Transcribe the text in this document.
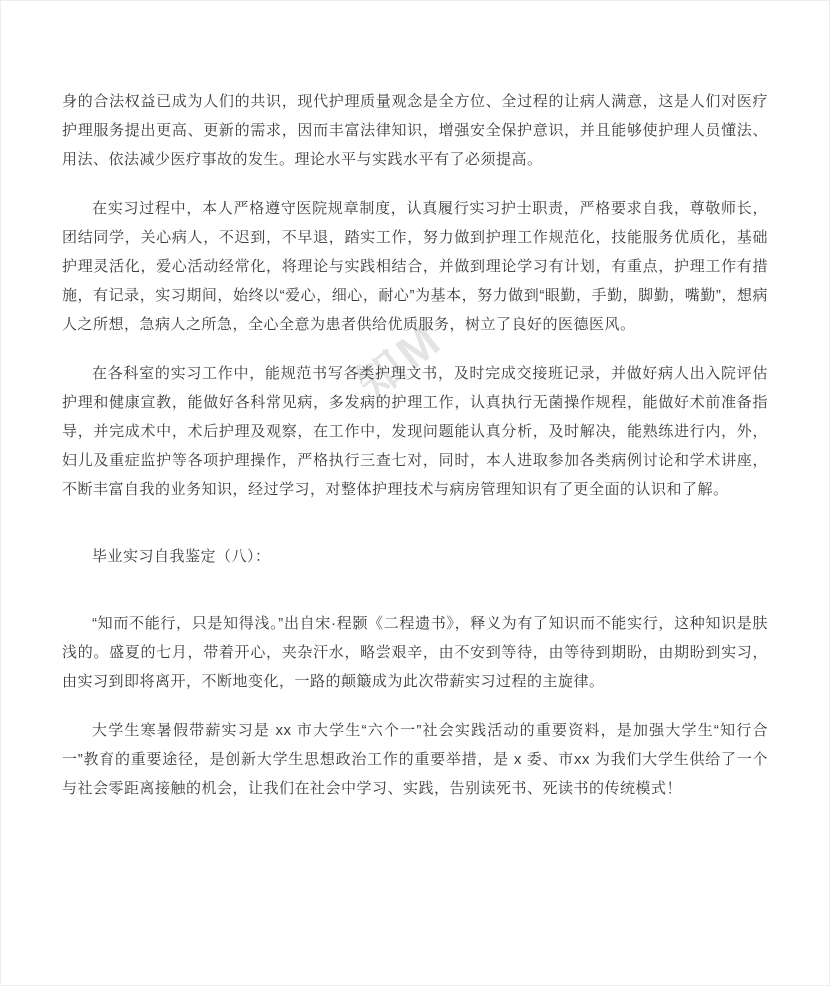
知M

身的合法权益已成为人们的共识，现代护理质量观念是全方位、全过程的让病人满意，这是人们对医疗护理服务提出更高、更新的需求，因而丰富法律知识，增强安全保护意识，并且能够使护理人员懂法、用法、依法减少医疗事故的发生。理论水平与实践水平有了必须提高。

在实习过程中，本人严格遵守医院规章制度，认真履行实习护士职责，严格要求自我，尊敬师长，团结同学，关心病人，不迟到，不早退，踏实工作，努力做到护理工作规范化，技能服务优质化，基础护理灵活化，爱心活动经常化，将理论与实践相结合，并做到理论学习有计划，有重点，护理工作有措施，有记录，实习期间，始终以“爱心，细心，耐心”为基本，努力做到“眼勤，手勤，脚勤，嘴勤”，想病人之所想，急病人之所急，全心全意为患者供给优质服务，树立了良好的医德医风。

在各科室的实习工作中，能规范书写各类护理文书，及时完成交接班记录，并做好病人出入院评估护理和健康宣教，能做好各科常见病，多发病的护理工作，认真执行无菌操作规程，能做好术前准备指导，并完成术中，术后护理及观察，在工作中，发现问题能认真分析，及时解决，能熟练进行内，外，妇儿及重症监护等各项护理操作，严格执行三查七对，同时，本人进取参加各类病例讨论和学术讲座，不断丰富自我的业务知识，经过学习，对整体护理技术与病房管理知识有了更全面的认识和了解。

毕业实习自我鉴定（八）：

“知而不能行，只是知得浅。”出自宋·程颢《二程遗书》，释义为有了知识而不能实行，这种知识是肤浅的。盛夏的七月，带着开心，夹杂汗水，略尝艰辛，由不安到等待，由等待到期盼，由期盼到实习，由实习到即将离开，不断地变化，一路的颠簸成为此次带薪实习过程的主旋律。

大学生寒暑假带薪实习是 xx 市大学生“六个一”社会实践活动的重要资料，是加强大学生“知行合一”教育的重要途径，是创新大学生思想政治工作的重要举措，是 x 委、市xx 为我们大学生供给了一个与社会零距离接触的机会，让我们在社会中学习、实践，告别读死书、死读书的传统模式！
